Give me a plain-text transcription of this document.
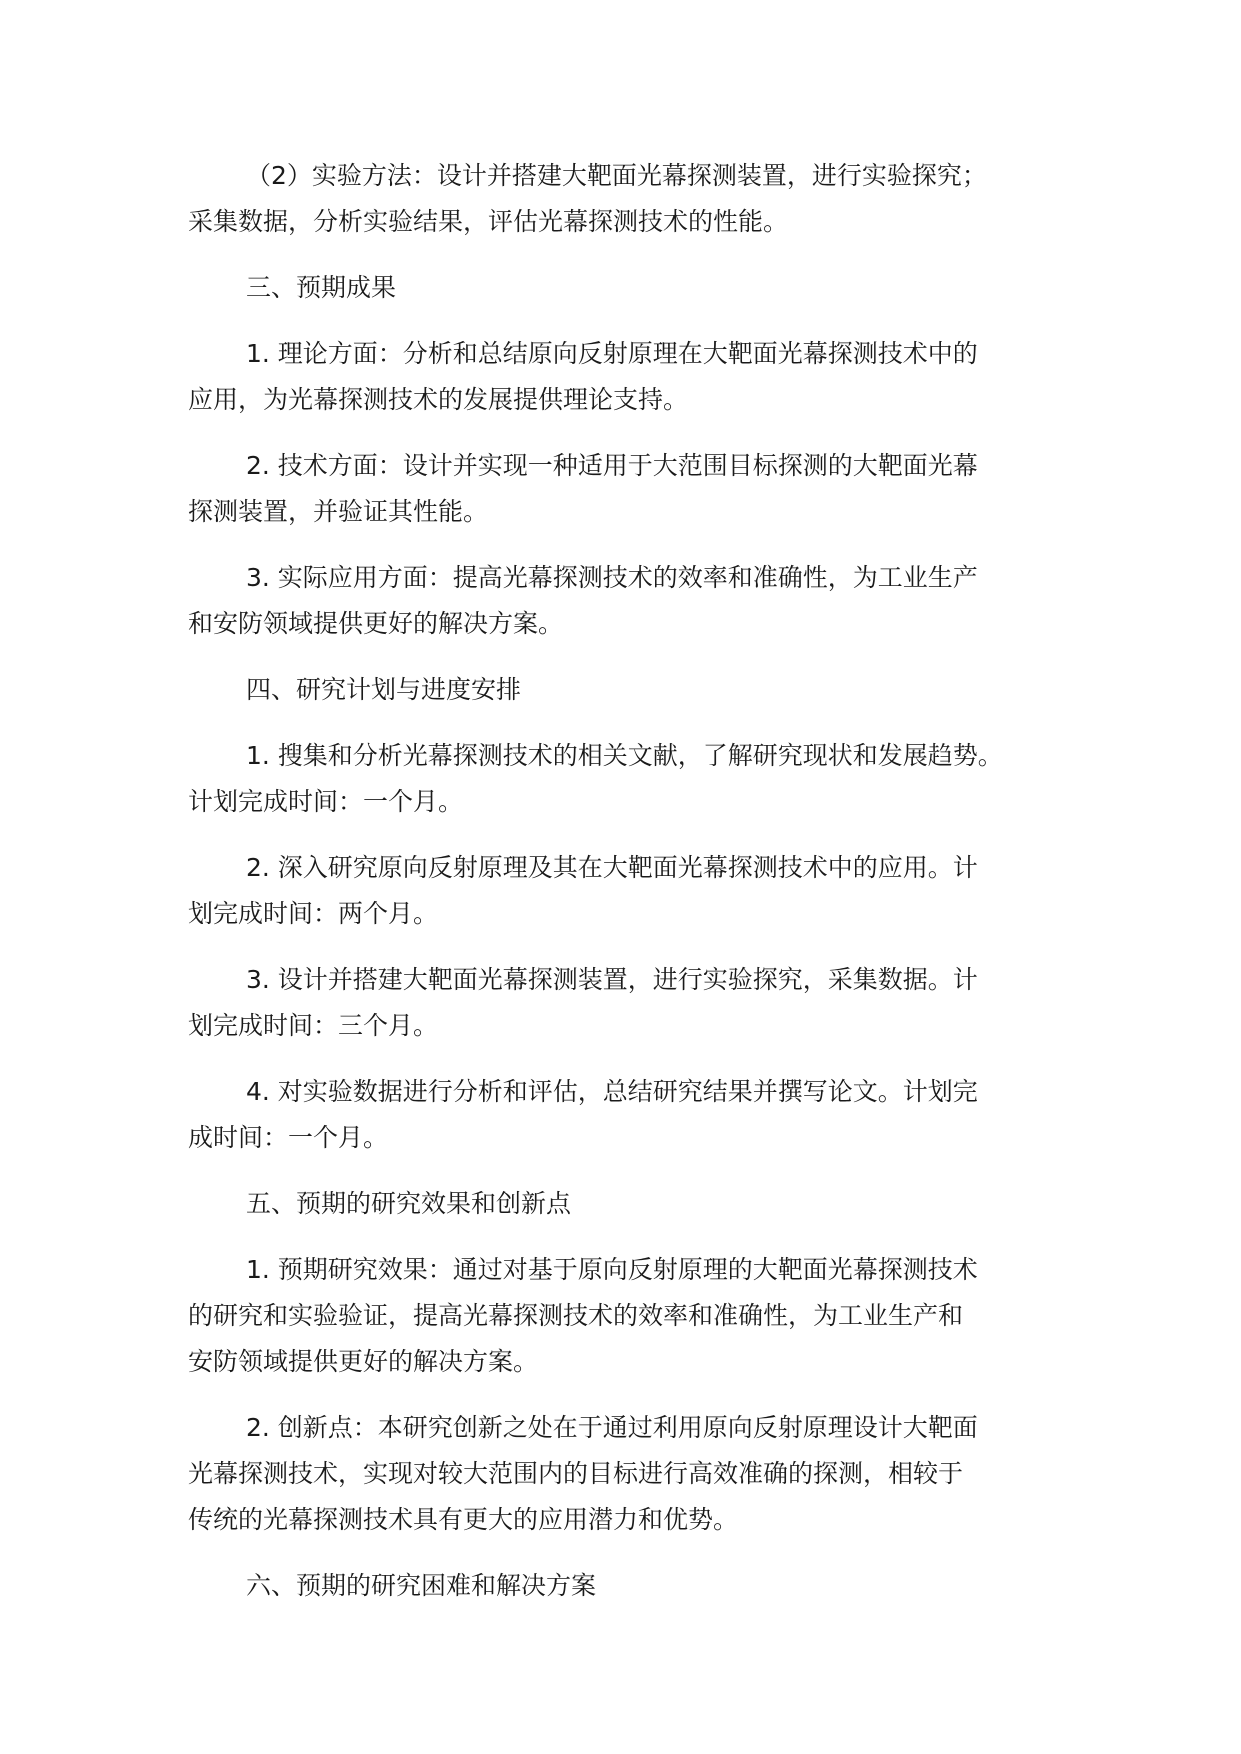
（2）实验方法：设计并搭建大靶面光幕探测装置，进行实验探究；
采集数据，分析实验结果，评估光幕探测技术的性能。
三、预期成果
1. 理论方面：分析和总结原向反射原理在大靶面光幕探测技术中的
应用，为光幕探测技术的发展提供理论支持。
2. 技术方面：设计并实现一种适用于大范围目标探测的大靶面光幕
探测装置，并验证其性能。
3. 实际应用方面：提高光幕探测技术的效率和准确性，为工业生产
和安防领域提供更好的解决方案。
四、研究计划与进度安排
1. 搜集和分析光幕探测技术的相关文献，了解研究现状和发展趋势。
计划完成时间：一个月。
2. 深入研究原向反射原理及其在大靶面光幕探测技术中的应用。计
划完成时间：两个月。
3. 设计并搭建大靶面光幕探测装置，进行实验探究，采集数据。计
划完成时间：三个月。
4. 对实验数据进行分析和评估，总结研究结果并撰写论文。计划完
成时间：一个月。
五、预期的研究效果和创新点
1. 预期研究效果：通过对基于原向反射原理的大靶面光幕探测技术
的研究和实验验证，提高光幕探测技术的效率和准确性，为工业生产和
安防领域提供更好的解决方案。
2. 创新点：本研究创新之处在于通过利用原向反射原理设计大靶面
光幕探测技术，实现对较大范围内的目标进行高效准确的探测，相较于
传统的光幕探测技术具有更大的应用潜力和优势。
六、预期的研究困难和解决方案
